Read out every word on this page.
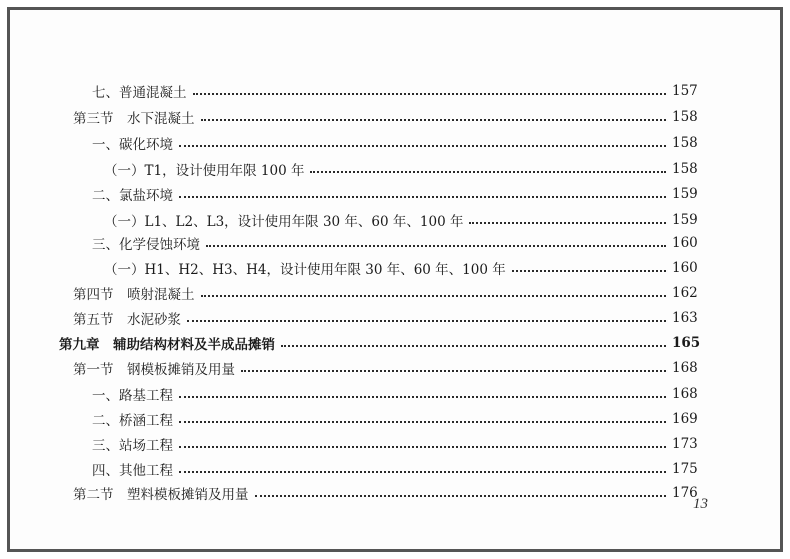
七、普通混凝土	157
第三节　水下混凝土	158
一、碳化环境	158
（一）T1，设计使用年限 100 年	158
二、氯盐环境	159
（一）L1、L2、L3，设计使用年限 30 年、60 年、100 年	159
三、化学侵蚀环境	160
（一）H1、H2、H3、H4，设计使用年限 30 年、60 年、100 年	160
第四节　喷射混凝土	162
第五节　水泥砂浆	163
第九章　辅助结构材料及半成品摊销	165
第一节　钢模板摊销及用量	168
一、路基工程	168
二、桥涵工程	169
三、站场工程	173
四、其他工程	175
第二节　塑料模板摊销及用量	176
13
